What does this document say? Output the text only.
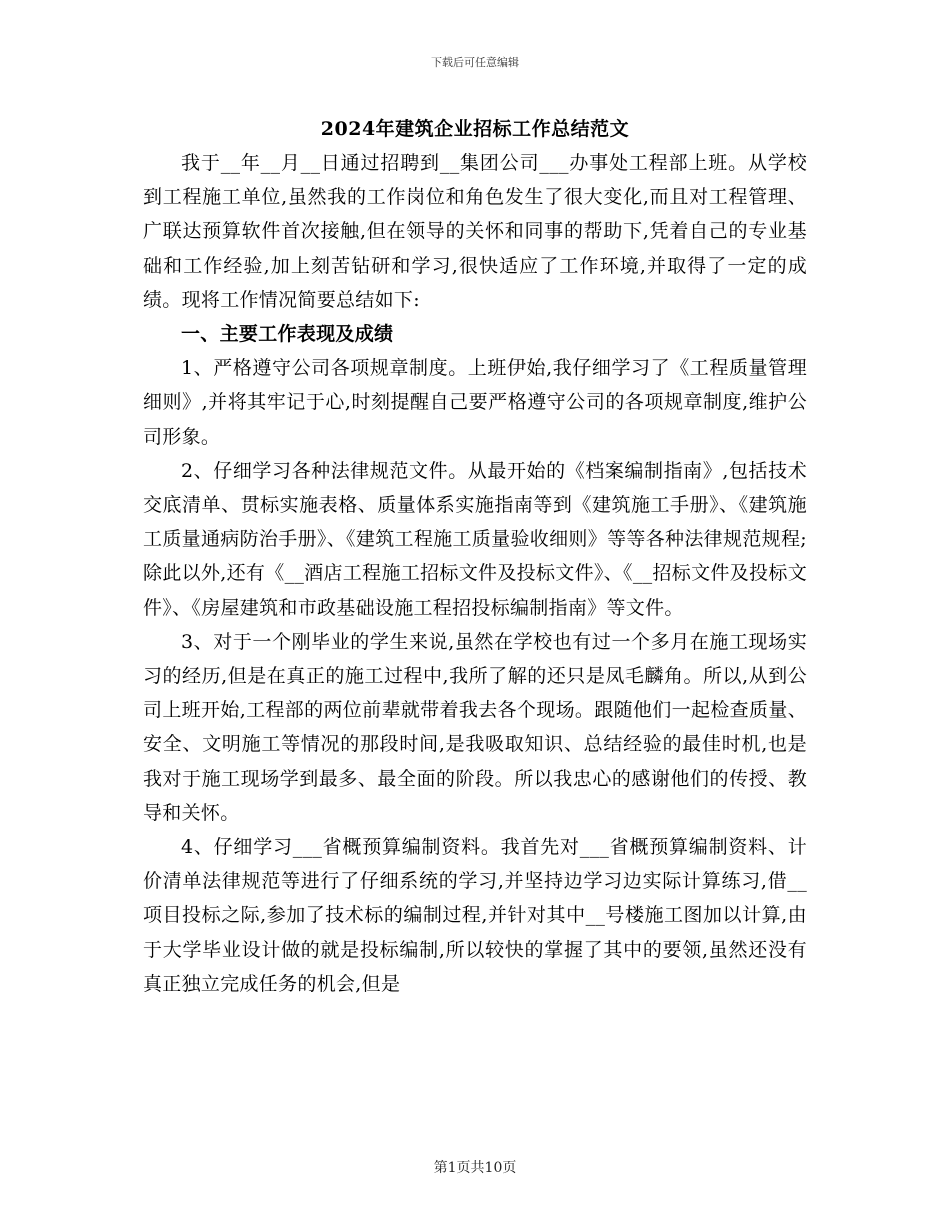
下载后可任意编辑
2024年建筑企业招标工作总结范文

我于__年__月__日通过招聘到__集团公司___办事处工程部上班。从学校到工程施工单位,虽然我的工作岗位和角色发生了很大变化,而且对工程管理、广联达预算软件首次接触,但在领导的关怀和同事的帮助下,凭着自己的专业基础和工作经验,加上刻苦钻研和学习,很快适应了工作环境,并取得了一定的成绩。现将工作情况简要总结如下:

一、主要工作表现及成绩

1、严格遵守公司各项规章制度。上班伊始,我仔细学习了《工程质量管理细则》,并将其牢记于心,时刻提醒自己要严格遵守公司的各项规章制度,维护公司形象。

2、仔细学习各种法律规范文件。从最开始的《档案编制指南》,包括技术交底清单、贯标实施表格、质量体系实施指南等到《建筑施工手册》、《建筑施工质量通病防治手册》、《建筑工程施工质量验收细则》等等各种法律规范规程;除此以外,还有《__酒店工程施工招标文件及投标文件》、《__招标文件及投标文件》、《房屋建筑和市政基础设施工程招投标编制指南》等文件。

3、对于一个刚毕业的学生来说,虽然在学校也有过一个多月在施工现场实习的经历,但是在真正的施工过程中,我所了解的还只是凤毛麟角。所以,从到公司上班开始,工程部的两位前辈就带着我去各个现场。跟随他们一起检查质量、安全、文明施工等情况的那段时间,是我吸取知识、总结经验的最佳时机,也是我对于施工现场学到最多、最全面的阶段。所以我忠心的感谢他们的传授、教导和关怀。

4、仔细学习___省概预算编制资料。我首先对___省概预算编制资料、计价清单法律规范等进行了仔细系统的学习,并坚持边学习边实际计算练习,借__项目投标之际,参加了技术标的编制过程,并针对其中__号楼施工图加以计算,由于大学毕业设计做的就是投标编制,所以较快的掌握了其中的要领,虽然还没有真正独立完成任务的机会,但是

第1页共10页
